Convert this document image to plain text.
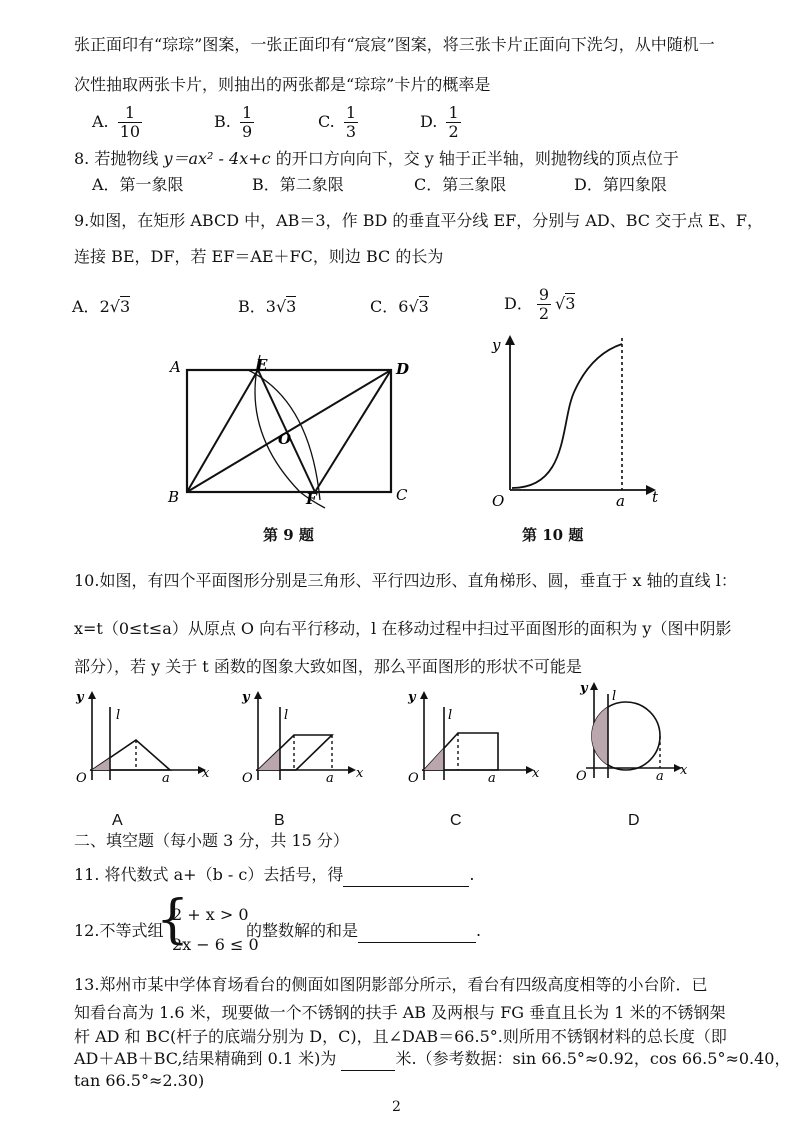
张正面印有“琮琮”图案，一张正面印有“宸宸”图案，将三张卡片正面向下洗匀，从中随机一
次性抽取两张卡片，则抽出的两张都是“琮琮”卡片的概率是
A. $\frac{1}{10}$	B. $\frac{1}{9}$	C. $\frac{1}{3}$	D. $\frac{1}{2}$
8. 若抛物线 y＝ax² - 4x+c 的开口方向向下，交 y 轴于正半轴，则抛物线的顶点位于
A．第一象限	B．第二象限	C．第三象限	D．第四象限
9.如图，在矩形 ABCD 中，AB＝3，作 BD 的垂直平分线 EF，分别与 AD、BC 交于点 E、F，
连接 BE，DF，若 EF＝AE＋FC，则边 BC 的长为
A．2√3	B．3√3	C．6√3	D． $\frac{9}{2} √3$
A
B	C
D
E
F
O
第 9 题
y
O	a t
第 10 题
10.如图，有四个平面图形分别是三角形、平行四边形、直角梯形、圆，垂直于 x 轴的直线 l：
x=t（0≤t≤a）从原点 O 向右平行移动，l 在移动过程中扫过平面图形的面积为 y（图中阴影
部分），若 y 关于 t 函数的图象大致如图，那么平面图形的形状不可能是
y
l
O	a x
y
l
O	a x
y
l
O	a	x
y
l
O	a x
A	B	C	D
二、填空题（每小题 3 分，共 15 分）
11. 将代数式 a+（b - c）去括号，得	.
12.不等式组
{
2 + x > 0
2x − 6 ≤ 0
的整数解的和是	.
13.郑州市某中学体育场看台的侧面如图阴影部分所示，看台有四级高度相等的小台阶．已
知看台高为 1.6 米，现要做一个不锈钢的扶手 AB 及两根与 FG 垂直且长为 1 米的不锈钢架
杆 AD 和 BC(杆子的底端分别为 D，C)，且∠DAB＝66.5°.则所用不锈钢材料的总长度（即
AD＋AB＋BC,结果精确到 0.1 米)为	米.（参考数据：sin 66.5°≈0.92，cos 66.5°≈0.40，
tan 66.5°≈2.30)
2
